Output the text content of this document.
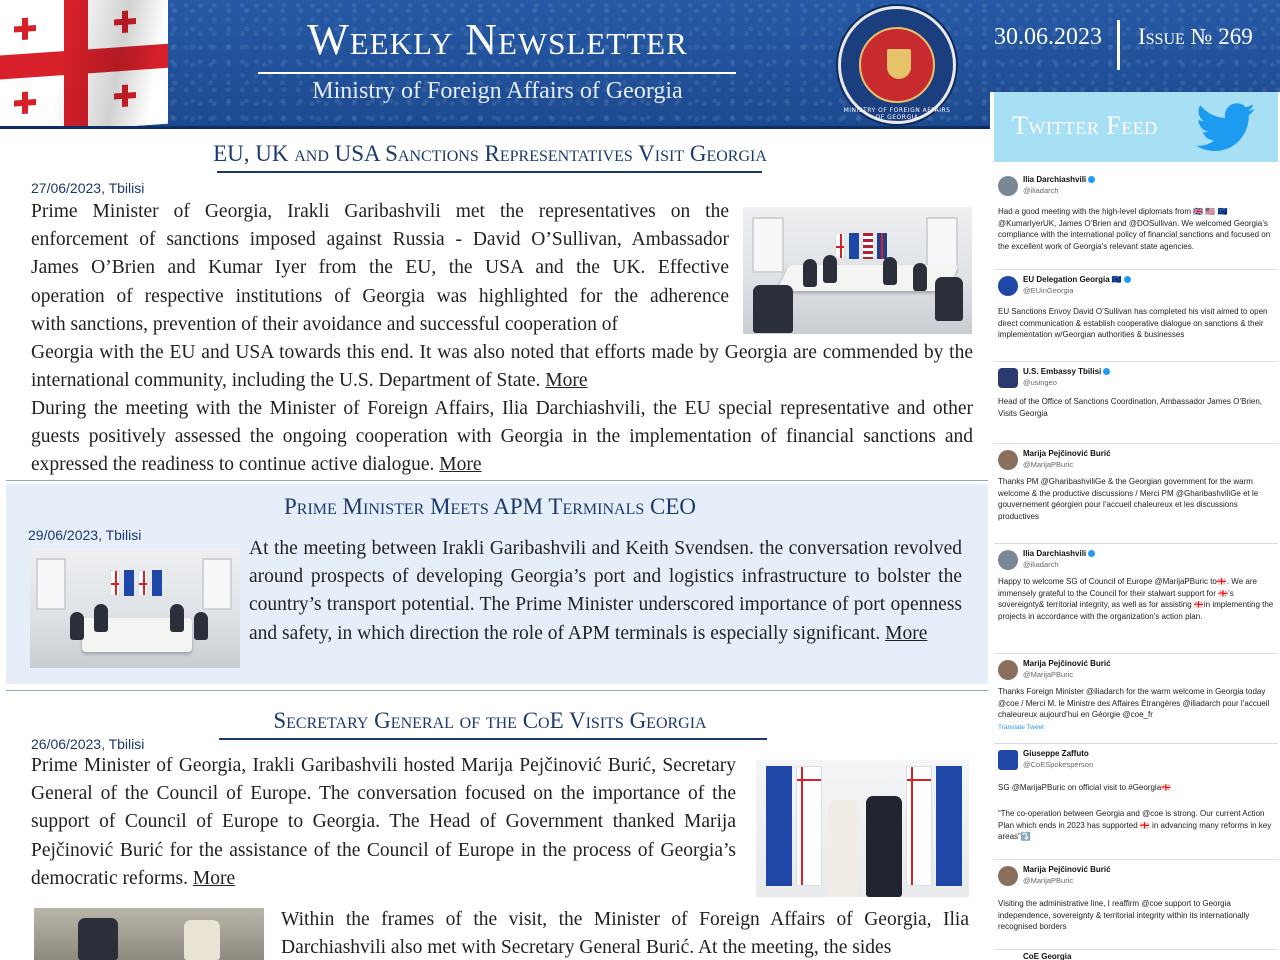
Weekly Newsletter
Ministry of Foreign Affairs of Georgia
MINISTRY OF FOREIGN AFFAIRS OF GEORGIA
30.06.2023 Issue № 269
EU, UK and USA Sanctions Representatives Visit Georgia
27/06/2023, Tbilisi
Prime Minister of Georgia, Irakli Garibashvili met the representatives on the
enforcement of sanctions imposed against Russia - David O’Sullivan, Ambassador
James O’Brien and Kumar Iyer from the EU, the USA and the UK. Effective
operation of respective institutions of Georgia was highlighted for the adherence
with sanctions, prevention of their avoidance and successful cooperation of
Georgia with the EU and USA towards this end. It was also noted that efforts made by Georgia are commended by the international community, including the U.S. Department of State. More
During the meeting with the Minister of Foreign Affairs, Ilia Darchiashvili, the EU special representative and other guests positively assessed the ongoing cooperation with Georgia in the implementation of financial sanctions and expressed the readiness to continue active dialogue. More
Prime Minister Meets APM Terminals CEO
29/06/2023, Tbilisi
At the meeting between Irakli Garibashvili and Keith Svendsen. the conversation revolved around prospects of developing Georgia’s port and logistics infrastructure to bolster the country’s transport potential. The Prime Minister underscored importance of port openness and safety, in which direction the role of APM terminals is especially significant. More
Secretary General of the CoE Visits Georgia
26/06/2023, Tbilisi
Prime Minister of Georgia, Irakli Garibashvili hosted Marija Pejčinović Burić, Secretary General of the Council of Europe. The conversation focused on the importance of the support of Council of Europe to Georgia. The Head of Government thanked Marija Pejčinović Burić for the assistance of the Council of Europe in the process of Georgia’s democratic reforms. More
Within the frames of the visit, the Minister of Foreign Affairs of Georgia, Ilia Darchiashvili also met with Secretary General Burić. At the meeting, the sides
Twitter Feed
Ilia Darchiashvili
@iliadarch
Had a good meeting with the high-level diplomats from 🇬🇧 🇺🇸 🇪🇺 @KumarIyerUK, James O’Brien and @DOSullivan. We welcomed Georgia’s compliance with the international policy of financial sanctions and focused on the excellent work of Georgia’s relevant state agencies.
EU Delegation Georgia 🇪🇺
@EUinGeorgia
EU Sanctions Envoy David O’Sullivan has completed his visit aimed to open direct communication & establish cooperative dialogue on sanctions & their implementation w/Georgian authorities & businesses
U.S. Embassy Tbilisi
@usingeo
Head of the Office of Sanctions Coordination, Ambassador James O’Brien, Visits Georgia
Marija Pejčinović Burić
@MarijaPBuric
Thanks PM @GharibashviliGe & the Georgian government for the warm welcome & the productive discussions / Merci PM @GharibashviliGe et le gouvernement géorgien pour l’accueil chaleureux et les discussions productives
Ilia Darchiashvili
@iliadarch
Happy to welcome SG of Council of Europe @MarijaPBuric to🇬🇪. We are immensely grateful to the Council for their stalwart support for 🇬🇪’s sovereignty& territorial integrity, as well as for assisting 🇬🇪in implementing the projects in accordance with the organization’s action plan.
Marija Pejčinović Burić
@MarijaPBuric
Thanks Foreign Minister @iliadarch for the warm welcome in Georgia today @coe / Merci M. le Ministre des Affaires Étrangères @iliadarch pour l’accueil chaleureux aujourd’hui en Géorgie @coe_fr
Translate Tweet
Giuseppe Zaffuto
@CoESpokesperson
SG @MarijaPBuric on official visit to #Georgia🇬🇪
“The co-operation between Georgia and @coe is strong. Our current Action Plan which ends in 2023 has supported 🇬🇪 in advancing many reforms in key areas”⤵️
Marija Pejčinović Burić
@MarijaPBuric
Visiting the administrative line, I reaffirm @coe support to Georgia independence, sovereignty & territorial integrity within its internationally recognised borders
CoE Georgia
